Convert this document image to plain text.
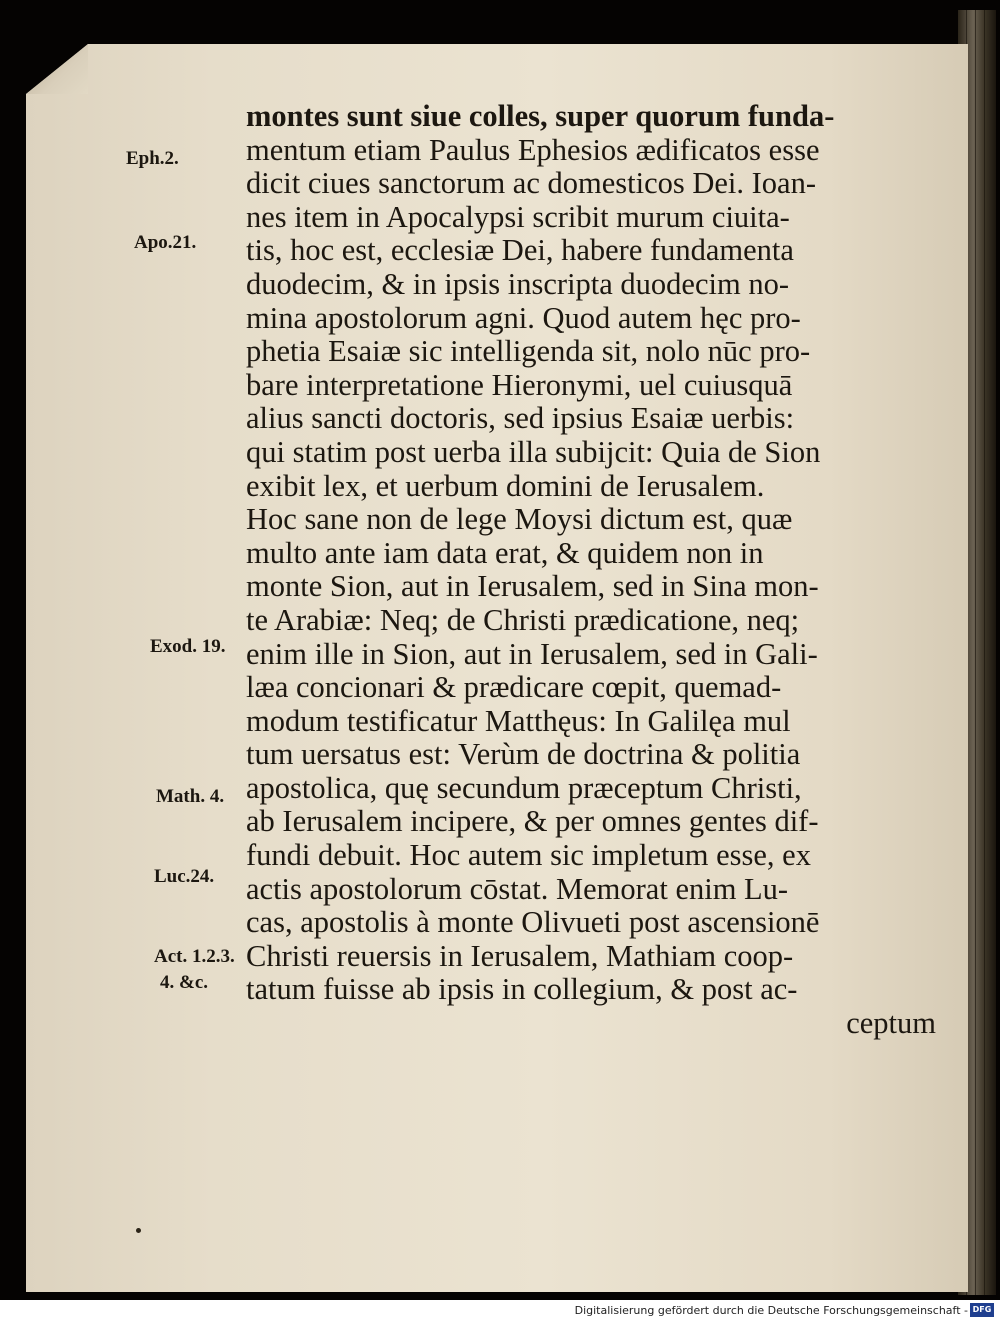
montes sunt siue colles, super quorum funda-
mentum etiam Paulus Ephesios ædificatos esse
dicit ciues sanctorum ac domesticos Dei. Ioan-
nes item in Apocalypsi scribit murum ciuita-
tis, hoc est, ecclesiæ Dei, habere fundamenta
duodecim, & in ipsis inscripta duodecim no-
mina apostolorum agni. Quod autem hęc pro-
phetia Esaiæ sic intelligenda sit, nolo nūc pro-
bare interpretatione Hieronymi, uel cuiusquā
alius sancti doctoris, sed ipsius Esaiæ uerbis:
qui statim post uerba illa subijcit: Quia de Sion
exibit lex, et uerbum domini de Ierusalem.
Hoc sane non de lege Moysi dictum est, quæ
multo ante iam data erat, & quidem non in
monte Sion, aut in Ierusalem, sed in Sina mon-
te Arabiæ: Neq; de Christi prædicatione, neq;
enim ille in Sion, aut in Ierusalem, sed in Gali-
læa concionari & prædicare cœpit, quemad-
modum testificatur Matthęus: In Galilęa mul
tum uersatus est: Verùm de doctrina & politia
apostolica, quę secundum præceptum Christi,
ab Ierusalem incipere, & per omnes gentes dif-
fundi debuit. Hoc autem sic impletum esse, ex
actis apostolorum cōstat. Memorat enim Lu-
cas, apostolis à monte Olivueti post ascensionē
Christi reuersis in Ierusalem, Mathiam coop-
tatum fuisse ab ipsis in collegium, & post ac-
ceptum
Eph.2.
Apo.21.
Exod. 19.
Math. 4.
Luc.24.
Act. 1.2.3.
4. &c.
Digitalisierung gefördert durch die Deutsche Forschungsgemeinschaft - DFG
